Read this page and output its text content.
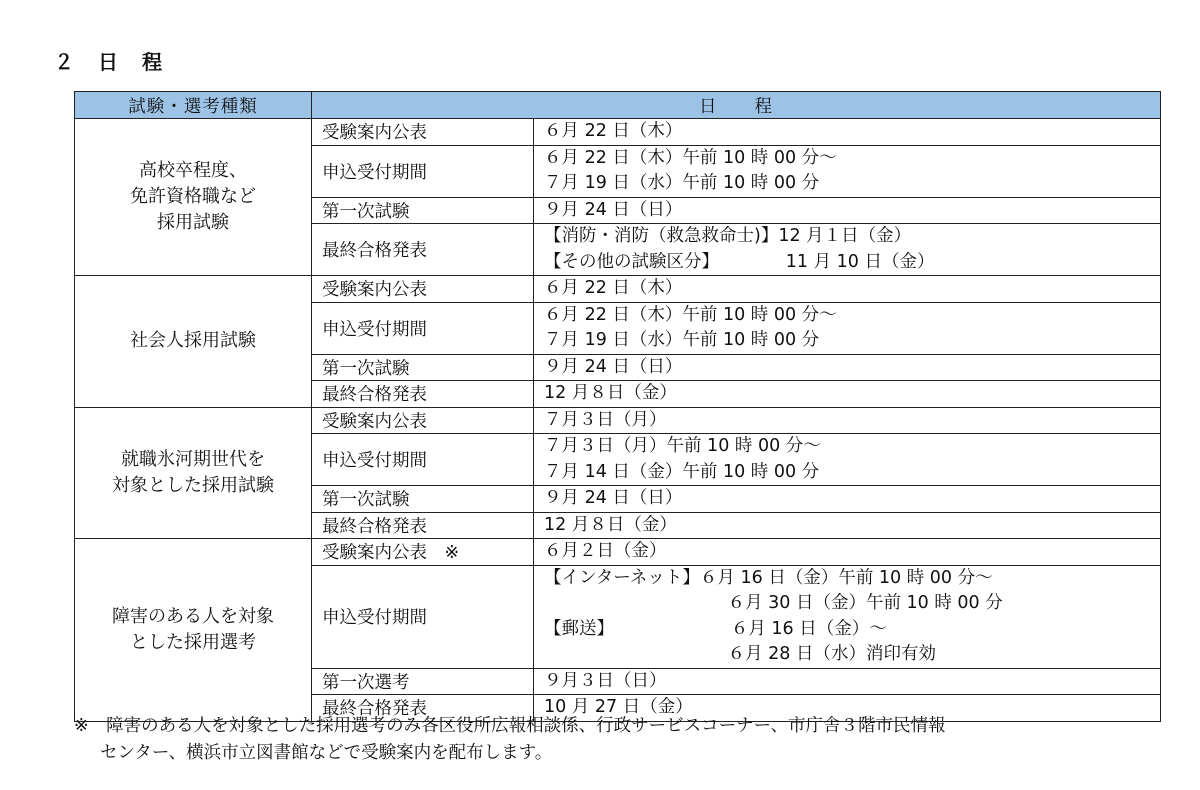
２　日　程
試験・選考種類	日　　程	

高校卒程度、
免許資格職など
採用試験	受験案内公表	６月 22 日（木）

	申込受付期間	６月 22 日（木）午前 10 時 00 分～
７月 19 日（水）午前 10 時 00 分

	第一次試験	９月 24 日（日）

	最終合格発表	【消防・消防（救急救命士)】12 月１日（金）
【その他の試験区分】            11 月 10 日（金）

社会人採用試験	受験案内公表	６月 22 日（木）

	申込受付期間	６月 22 日（木）午前 10 時 00 分～
７月 19 日（水）午前 10 時 00 分

	第一次試験	９月 24 日（日）

	最終合格発表	12 月８日（金）

就職氷河期世代を
対象とした採用試験	受験案内公表	７月３日（月）

	申込受付期間	７月３日（月）午前 10 時 00 分～
７月 14 日（金）午前 10 時 00 分

	第一次試験	９月 24 日（日）

	最終合格発表	12 月８日（金）

障害のある人を対象
とした採用選考	受験案内公表　※	６月２日（金）

	申込受付期間	【インターネット】６月 16 日（金）午前 10 時 00 分～
６月 30 日（金）午前 10 時 00 分
【郵送】                     ６月 16 日（金）～
６月 28 日（水）消印有効

	第一次選考	９月３日（日）

	最終合格発表	10 月 27 日（金）
※　障害のある人を対象とした採用選考のみ各区役所広報相談係、行政サービスコーナー、市庁舎３階市民情報
センター、横浜市立図書館などで受験案内を配布します。
